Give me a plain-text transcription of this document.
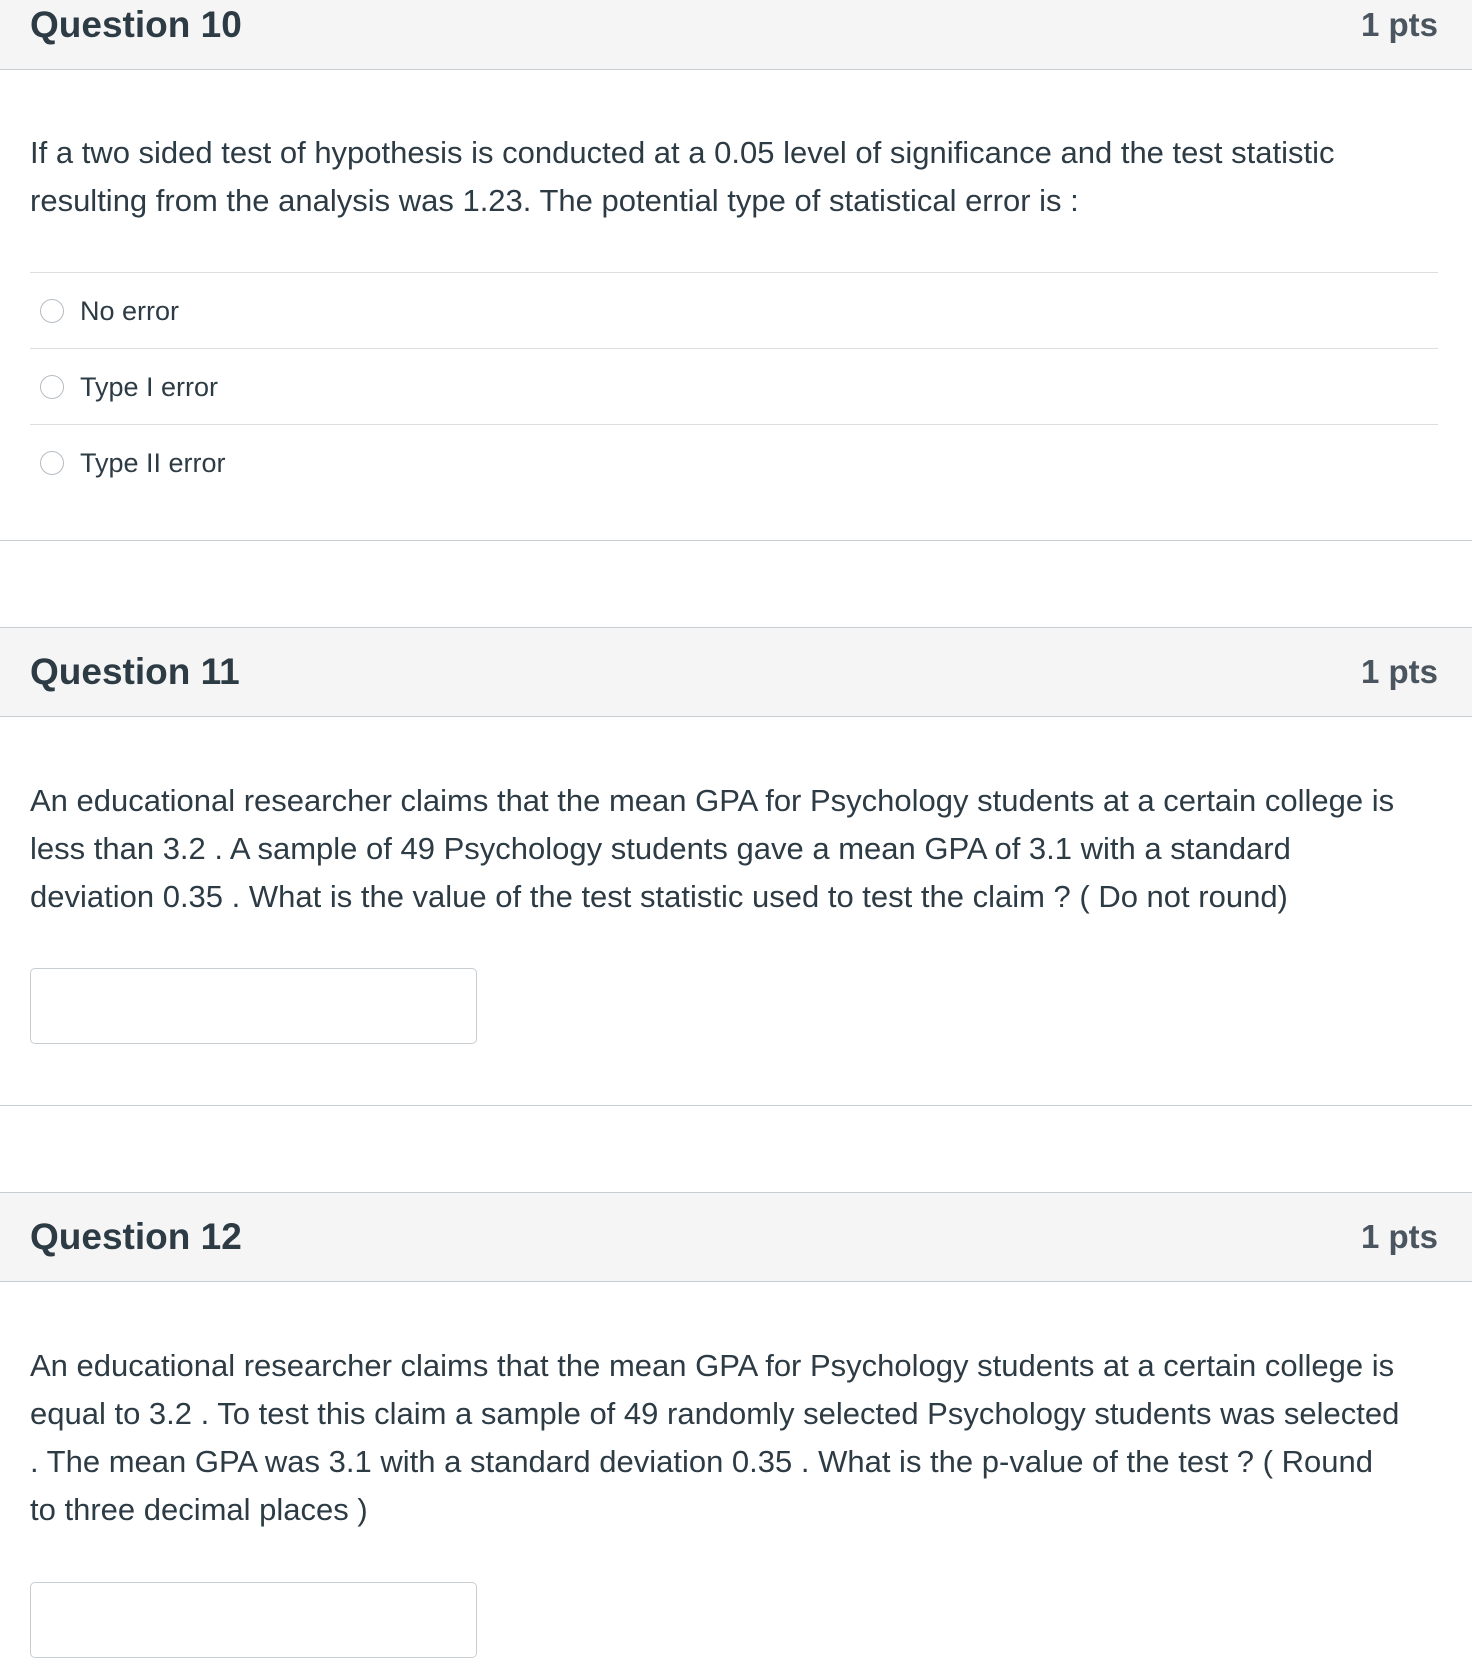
Question 10	1 pts
If a two sided test of hypothesis is conducted at a 0.05 level of significance and the test statistic
resulting from the analysis was 1.23. The potential type of statistical error is :
No error
Type I error
Type II error
Question 11	1 pts
An educational researcher claims that the mean GPA for Psychology students at a certain college is
less than 3.2 . A sample of 49 Psychology students gave a mean GPA of 3.1 with a standard
deviation 0.35 . What is the value of the test statistic used to test the claim ? ( Do not round)
Question 12	1 pts
An educational researcher claims that the mean GPA for Psychology students at a certain college is
equal to 3.2 . To test this claim a sample of 49 randomly selected Psychology students was selected
. The mean GPA was 3.1 with a standard deviation 0.35 . What is the p-value of the test ? ( Round
to three decimal places )
